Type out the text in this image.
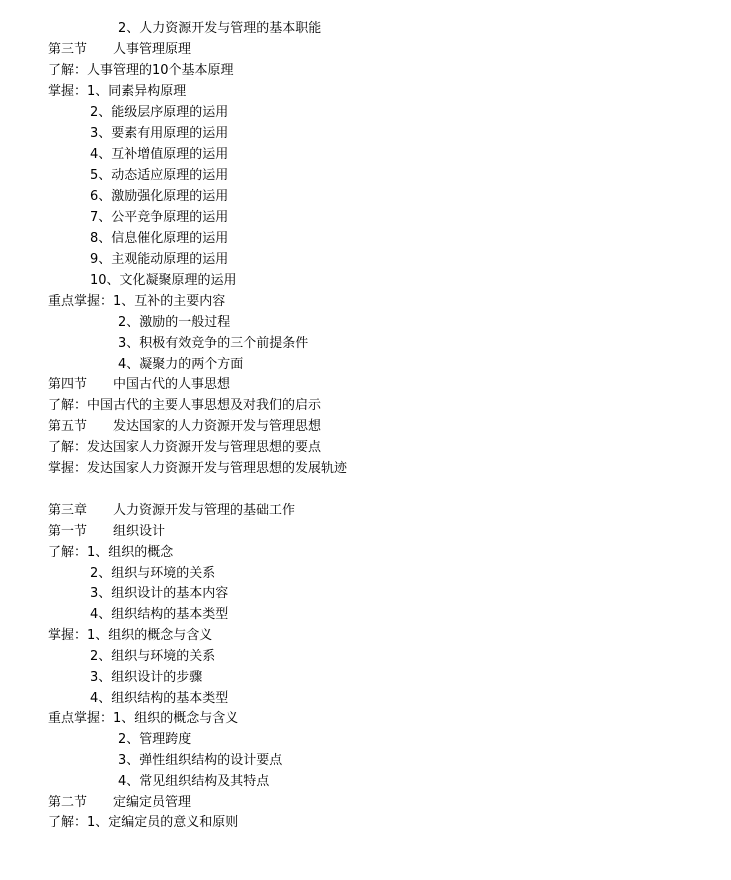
2、人力资源开发与管理的基本职能
第三节　　人事管理原理
了解：人事管理的10个基本原理
掌握：1、同素异构原理
2、能级层序原理的运用
3、要素有用原理的运用
4、互补增值原理的运用
5、动态适应原理的运用
6、激励强化原理的运用
7、公平竞争原理的运用
8、信息催化原理的运用
9、主观能动原理的运用
10、文化凝聚原理的运用
重点掌握：1、互补的主要内容
2、激励的一般过程
3、积极有效竞争的三个前提条件
4、凝聚力的两个方面
第四节　　中国古代的人事思想
了解：中国古代的主要人事思想及对我们的启示
第五节　　发达国家的人力资源开发与管理思想
了解：发达国家人力资源开发与管理思想的要点
掌握：发达国家人力资源开发与管理思想的发展轨迹
第三章　　人力资源开发与管理的基础工作
第一节　　组织设计
了解：1、组织的概念
2、组织与环境的关系
3、组织设计的基本内容
4、组织结构的基本类型
掌握：1、组织的概念与含义
2、组织与环境的关系
3、组织设计的步骤
4、组织结构的基本类型
重点掌握：1、组织的概念与含义
2、管理跨度
3、弹性组织结构的设计要点
4、常见组织结构及其特点
第二节　　定编定员管理
了解：1、定编定员的意义和原则
